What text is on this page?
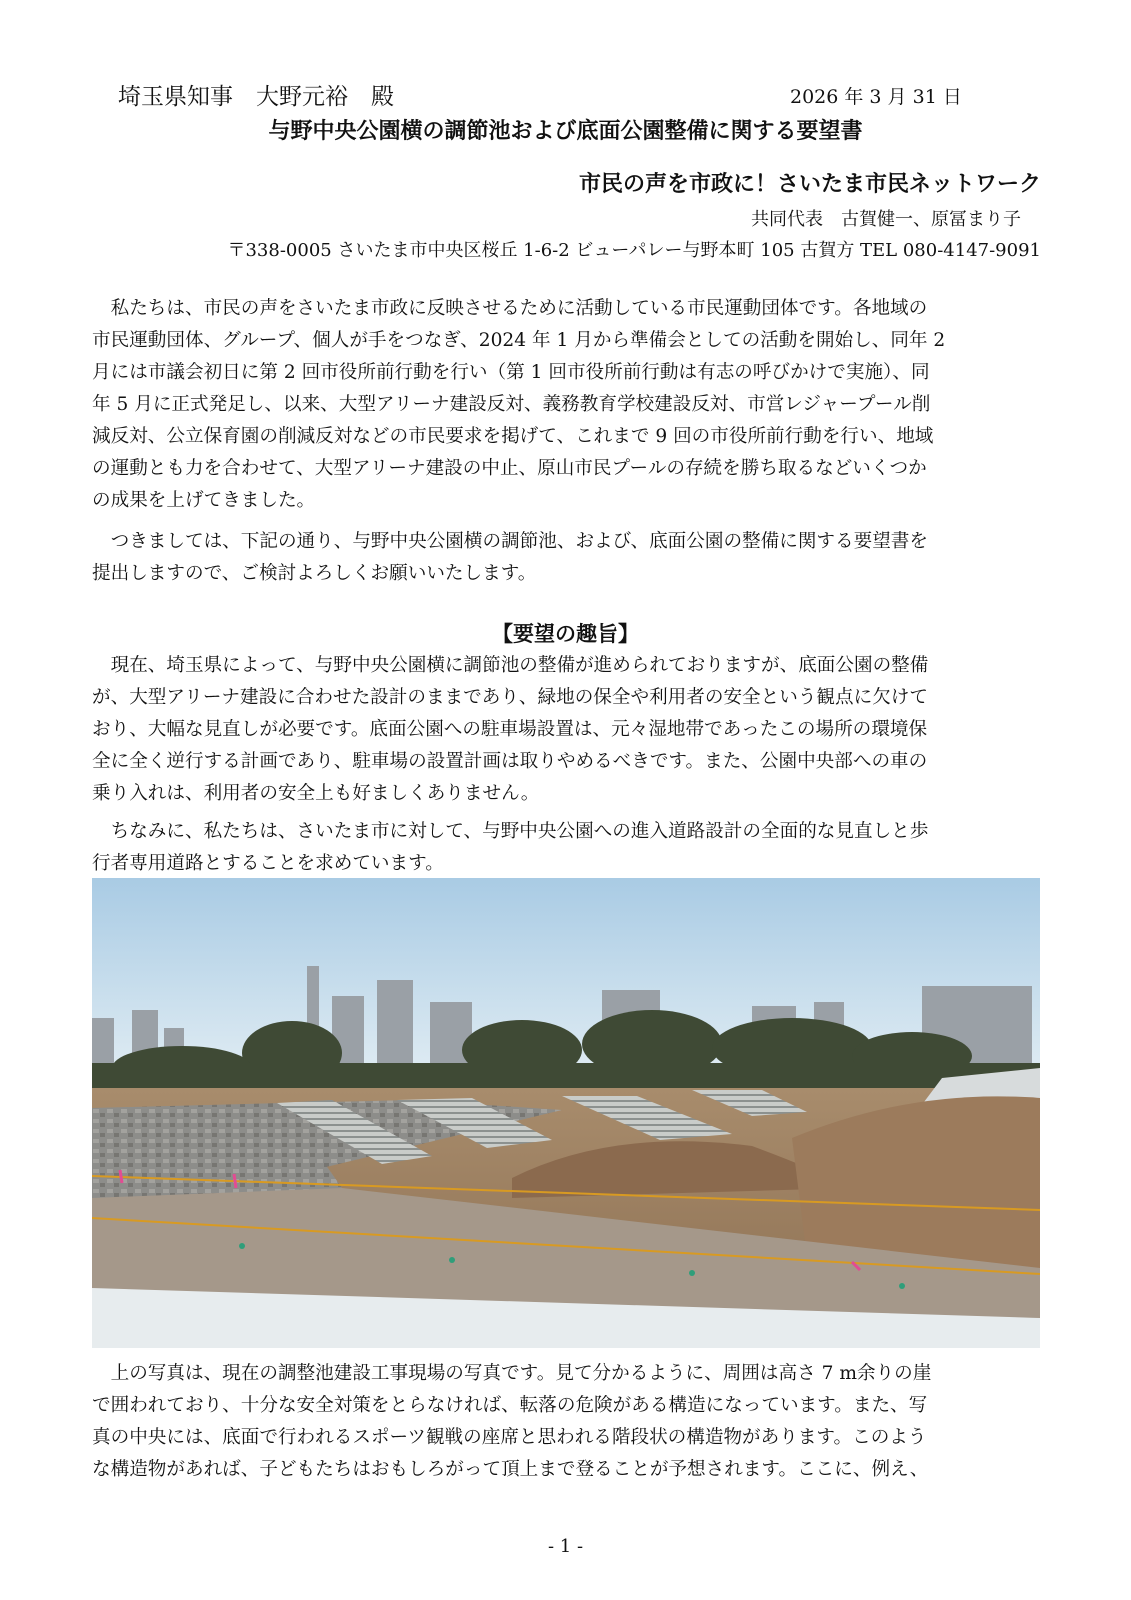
埼玉県知事　大野元裕　殿	2026 年 3 月 31 日
与野中央公園横の調節池および底面公園整備に関する要望書
市民の声を市政に！さいたま市民ネットワーク
共同代表　古賀健一、原冨まり子
〒338-0005 さいたま市中央区桜丘 1-6-2 ビューパレー与野本町 105 古賀方 TEL 080-4147-9091
　私たちは、市民の声をさいたま市政に反映させるために活動している市民運動団体です。各地域の
市民運動団体、グループ、個人が手をつなぎ、2024 年 1 月から準備会としての活動を開始し、同年 2
月には市議会初日に第 2 回市役所前行動を行い（第 1 回市役所前行動は有志の呼びかけで実施）、同
年 5 月に正式発足し、以来、大型アリーナ建設反対、義務教育学校建設反対、市営レジャープール削
減反対、公立保育園の削減反対などの市民要求を掲げて、これまで 9 回の市役所前行動を行い、地域
の運動とも力を合わせて、大型アリーナ建設の中止、原山市民プールの存続を勝ち取るなどいくつか
の成果を上げてきました。
　つきましては、下記の通り、与野中央公園横の調節池、および、底面公園の整備に関する要望書を
提出しますので、ご検討よろしくお願いいたします。
【要望の趣旨】
　現在、埼玉県によって、与野中央公園横に調節池の整備が進められておりますが、底面公園の整備
が、大型アリーナ建設に合わせた設計のままであり、緑地の保全や利用者の安全という観点に欠けて
おり、大幅な見直しが必要です。底面公園への駐車場設置は、元々湿地帯であったこの場所の環境保
全に全く逆行する計画であり、駐車場の設置計画は取りやめるべきです。また、公園中央部への車の
乗り入れは、利用者の安全上も好ましくありません。
　ちなみに、私たちは、さいたま市に対して、与野中央公園への進入道路設計の全面的な見直しと歩
行者専用道路とすることを求めています。
　上の写真は、現在の調整池建設工事現場の写真です。見て分かるように、周囲は高さ 7 m余りの崖
で囲われており、十分な安全対策をとらなければ、転落の危険がある構造になっています。また、写
真の中央には、底面で行われるスポーツ観戦の座席と思われる階段状の構造物があります。このよう
な構造物があれば、子どもたちはおもしろがって頂上まで登ることが予想されます。ここに、例え、
- 1 -
